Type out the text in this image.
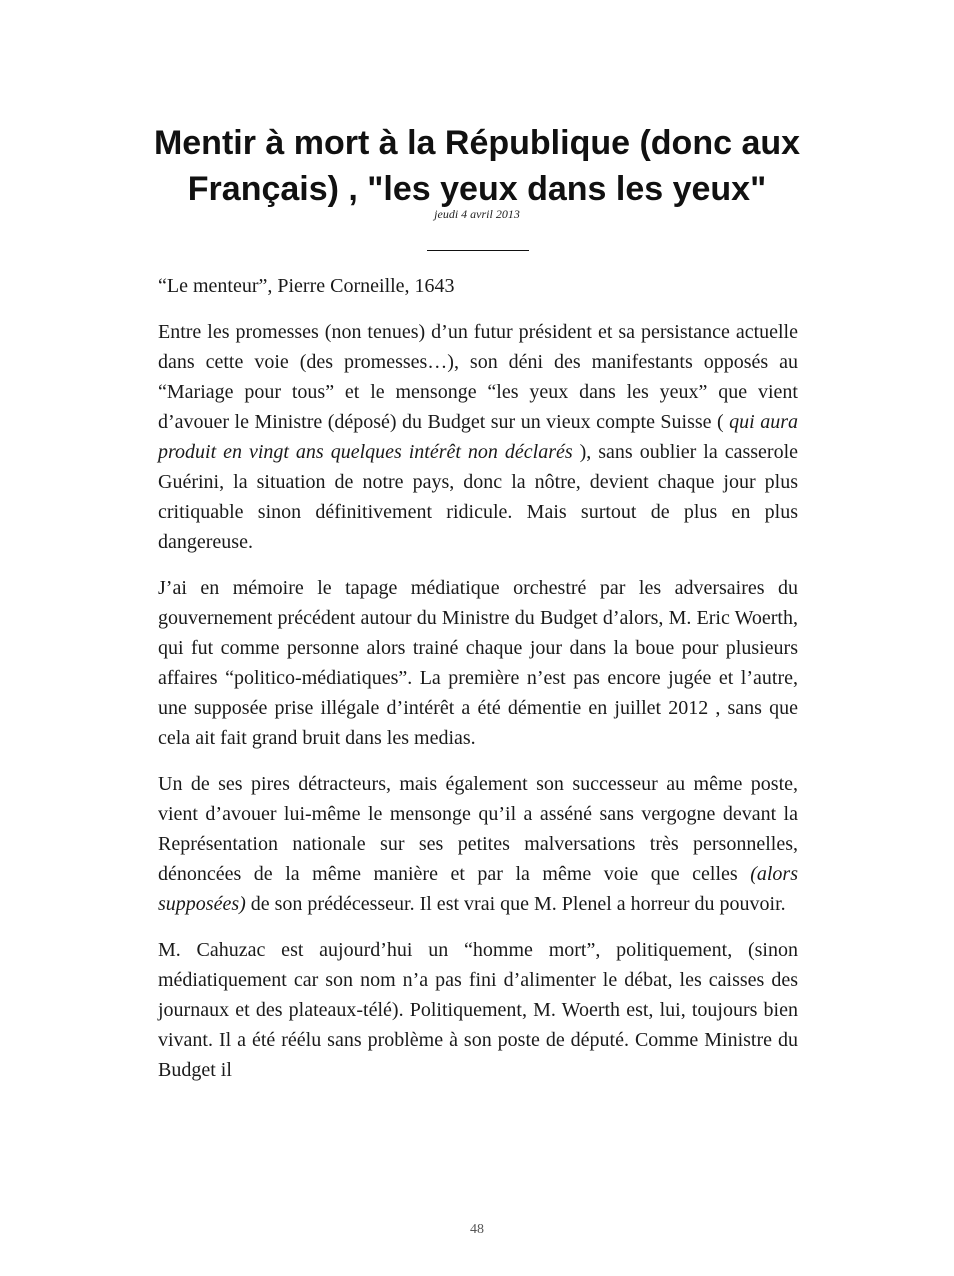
Mentir à mort à la République (donc aux Français) , "les yeux dans les yeux"
jeudi 4 avril 2013

“Le menteur”, Pierre Corneille, 1643

Entre les promesses (non tenues) d’un futur président et sa persistance actuelle dans cette voie (des promesses…), son déni des manifestants opposés au “Mariage pour tous” et le mensonge “les yeux dans les yeux” que vient d’avouer le Ministre (déposé) du Budget sur un vieux compte Suisse ( qui aura produit en vingt ans quelques intérêt non déclarés ), sans oublier la casserole Guérini, la situation de notre pays, donc la nôtre, devient chaque jour plus critiquable sinon définitivement ridicule. Mais surtout de plus en plus dangereuse.

J’ai en mémoire le tapage médiatique orchestré par les adversaires du gouvernement précédent autour du Ministre du Budget d’alors, M. Eric Woerth, qui fut comme personne alors trainé chaque jour dans la boue pour plusieurs affaires “politico-médiatiques”. La première n’est pas encore jugée et l’autre, une supposée prise illégale d’intérêt a été démentie en juillet 2012 , sans que cela ait fait grand bruit dans les medias.

Un de ses pires détracteurs, mais également son successeur au même poste, vient d’avouer lui-même le mensonge qu’il a asséné sans vergogne devant la Représentation nationale sur ses petites malversations très personnelles, dénoncées de la même manière et par la même voie que celles (alors supposées) de son prédécesseur. Il est vrai que M. Plenel a horreur du pouvoir.

M. Cahuzac est aujourd’hui un “homme mort”, politiquement, (sinon médiatiquement car son nom n’a pas fini d’alimenter le débat, les caisses des journaux et des plateaux-télé). Politiquement, M. Woerth est, lui, toujours bien vivant. Il a été réélu sans problème à son poste de député. Comme Ministre du Budget il

48
